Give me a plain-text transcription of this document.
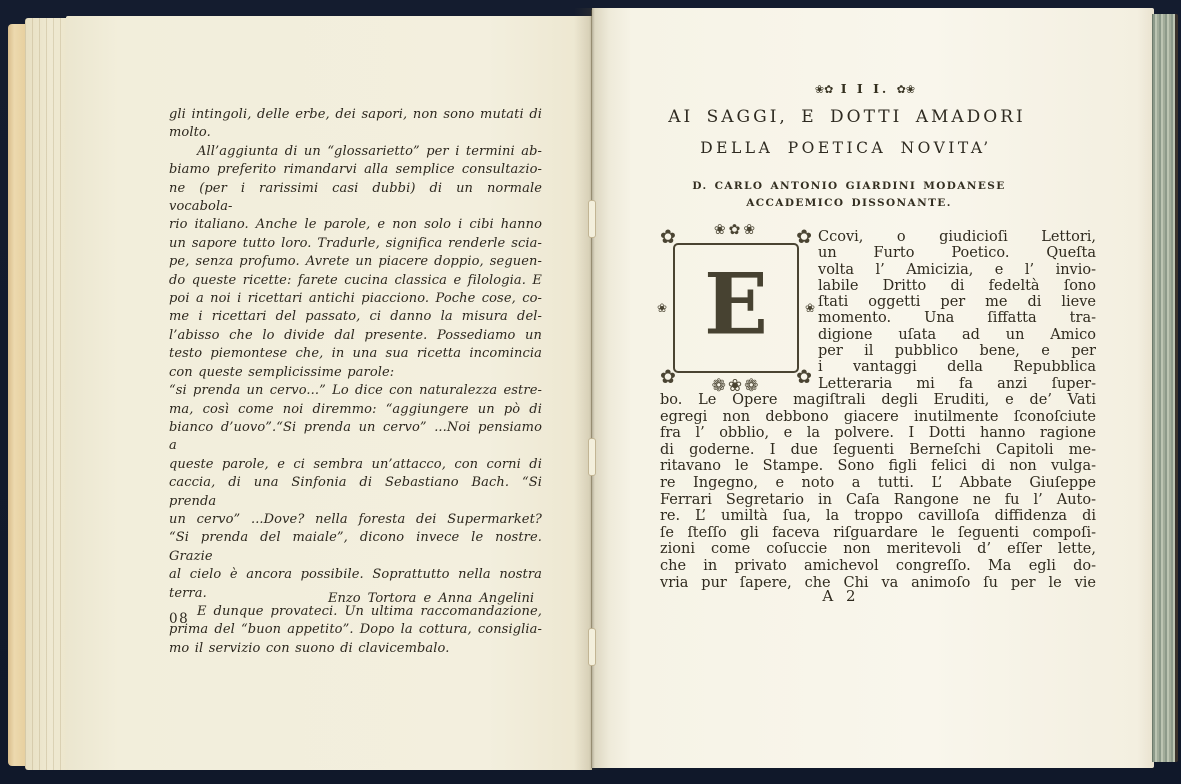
gli intingoli, delle erbe, dei sapori, non sono mutati di
molto.
All’aggiunta di un “glossarietto” per i termini ab-
biamo preferito rimandarvi alla semplice consultazio-
ne (per i rarissimi casi dubbi) di un normale vocabola-
rio italiano. Anche le parole, e non solo i cibi hanno
un sapore tutto loro. Tradurle, significa renderle scia-
pe, senza profumo. Avrete un piacere doppio, seguen-
do queste ricette: farete cucina classica e filologia. E
poi a noi i ricettari antichi piacciono. Poche cose, co-
me i ricettari del passato, ci danno la misura del-
l’abisso che lo divide dal presente. Possediamo un
testo piemontese che, in una sua ricetta incomincia
con queste semplicissime parole:
“si prenda un cervo...” Lo dice con naturalezza estre-
ma, così come noi diremmo: “aggiungere un pò di
bianco d’uovo”.“Si prenda un cervo” ...Noi pensiamo a
queste parole, e ci sembra un’attacco, con corni di
caccia, di una Sinfonia di Sebastiano Bach. “Si prenda
un cervo” ...Dove? nella foresta dei Supermarket?
“Si prenda del maiale”, dicono invece le nostre. Grazie
al cielo è ancora possibile. Soprattutto nella nostra
terra.
E dunque provateci. Un ultima raccomandazione,
prima del “buon appetito”. Dopo la cottura, consiglia-
mo il servizio con suono di clavicembalo.
Enzo Tortora e Anna Angelini
08
❀✿ I I I. ✿❀
AI SAGGI, E DOTTI AMADORI
DELLA POETICA NOVITA’
D. CARLO ANTONIO GIARDINI MODANESE
ACCADEMICO DISSONANTE.
❀✿❀
✿	✿
✿	✿
❀	❀
E
❁❀❁
Ccovi, o giudicioſi Lettori,
un Furto Poetico. Queſta
volta l’ Amicizia, e l’ invio-
labile Dritto di fedeltà ſono
ſtati oggetti per me di lieve
momento. Una ſiffatta tra-
digione uſata ad un Amico
per il pubblico bene, e per
i vantaggi della Repubblica
Letteraria mi fa anzi ſuper-
bo. Le Opere magiſtrali degli Eruditi, e de’ Vati
egregi non debbono giacere inutilmente ſconoſciute
fra l’ obblio, e la polvere. I Dotti hanno ragione
di goderne. I due ſeguenti Berneſchi Capitoli me-
ritavano le Stampe. Sono figli felici di non vulga-
re Ingegno, e noto a tutti. L’ Abbate Giuſeppe
Ferrari Segretario in Caſa Rangone ne fu l’ Auto-
re. L’ umiltà ſua, la troppo cavilloſa diffidenza di
ſe ſteſſo gli faceva riſguardare le ſeguenti compoſi-
zioni come coſuccie non meritevoli d’ eſſer lette,
che in privato amichevol congreſſo. Ma egli do-
vria pur ſapere, che Chi va animoſo ſu per le vie
A 2
